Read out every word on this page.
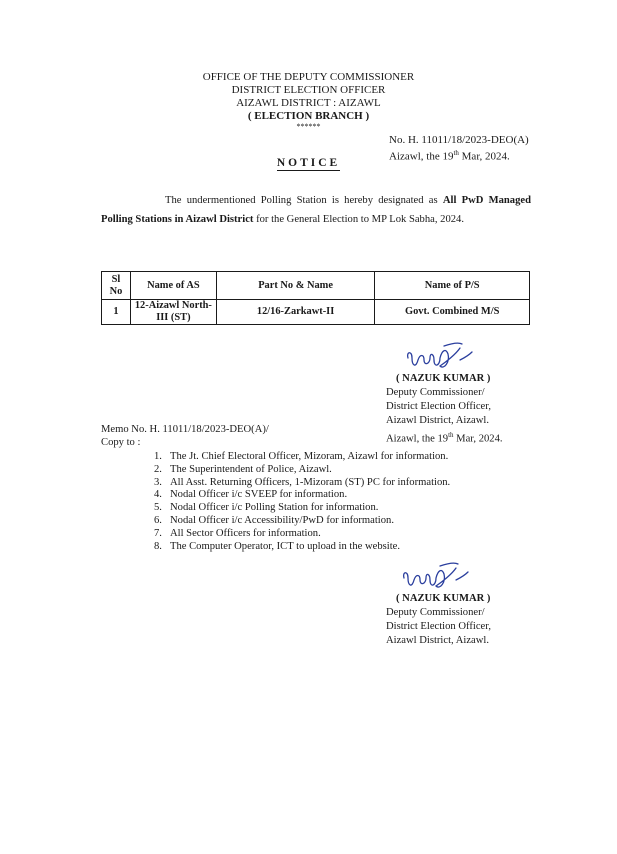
OFFICE OF THE DEPUTY COMMISSIONER
DISTRICT ELECTION OFFICER
AIZAWL DISTRICT : AIZAWL
( ELECTION BRANCH )
******
No. H. 11011/18/2023-DEO(A)
Aizawl, the 19th Mar, 2024.
NOTICE
The undermentioned Polling Station is hereby designated as All PwD Managed Polling Stations in Aizawl District for the General Election to MP Lok Sabha, 2024.
Sl No	Name of AS	Part No & Name	Name of P/S
1	12-Aizawl North-III (ST)	12/16-Zarkawt-II	Govt. Combined M/S
( NAZUK KUMAR )
Deputy Commissioner/
District Election Officer,
Aizawl District, Aizawl.
Aizawl, the 19th Mar, 2024.
Memo No. H. 11011/18/2023-DEO(A)/
Copy to :
1. The Jt. Chief Electoral Officer, Mizoram, Aizawl for information.
2. The Superintendent of Police, Aizawl.
3. All Asst. Returning Officers, 1-Mizoram (ST) PC for information.
4. Nodal Officer i/c SVEEP for information.
5. Nodal Officer i/c Polling Station for information.
6. Nodal Officer i/c Accessibility/PwD for information.
7. All Sector Officers for information.
8. The Computer Operator, ICT to upload in the website.
( NAZUK KUMAR )
Deputy Commissioner/
District Election Officer,
Aizawl District, Aizawl.
